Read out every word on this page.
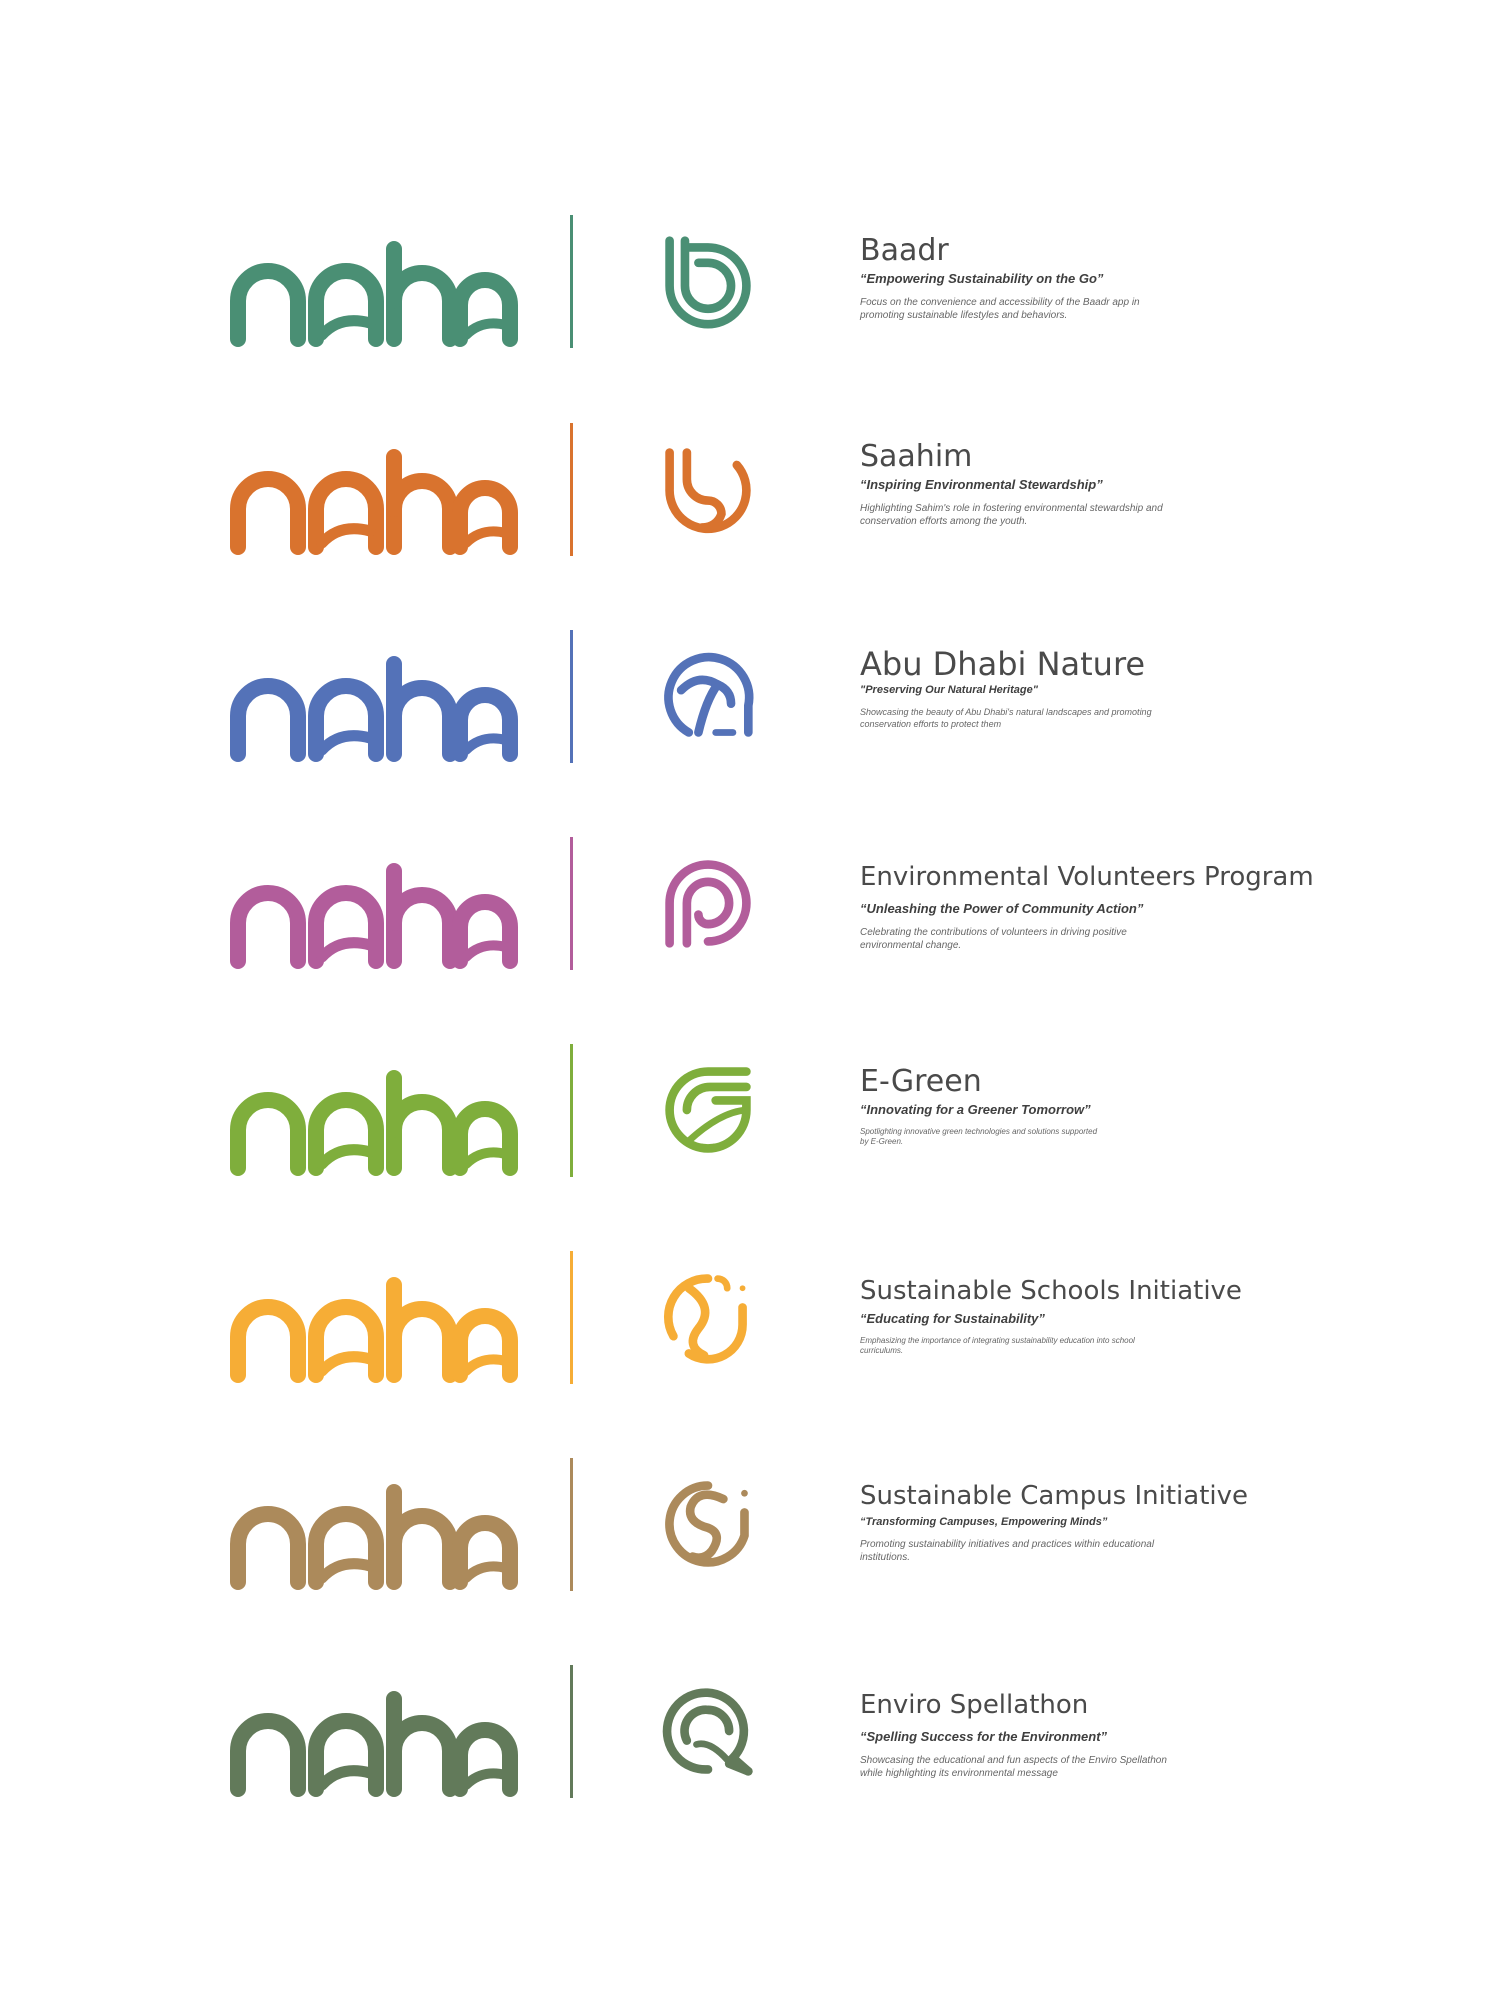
Baadr
“Empowering Sustainability on the Go”
Focus on the convenience and accessibility of the Baadr app in promoting sustainable lifestyles and behaviors.
Saahim
“Inspiring Environmental Stewardship”
Highlighting Sahim's role in fostering environmental stewardship and conservation efforts among the youth.
Abu Dhabi Nature
"Preserving Our Natural Heritage"
Showcasing the beauty of Abu Dhabi's natural landscapes and promoting conservation efforts to protect them
Environmental Volunteers Program
“Unleashing the Power of Community Action”
Celebrating the contributions of volunteers in driving positive environmental change.
E-Green
“Innovating for a Greener Tomorrow”
Spotlighting innovative green technologies and solutions supported by E-Green.
Sustainable Schools Initiative
“Educating for Sustainability”
Emphasizing the importance of integrating sustainability education into school curriculums.
Sustainable Campus Initiative
“Transforming Campuses, Empowering Minds”
Promoting sustainability initiatives and practices within educational institutions.
Enviro Spellathon
“Spelling Success for the Environment”
Showcasing the educational and fun aspects of the Enviro Spellathon while highlighting its environmental message
